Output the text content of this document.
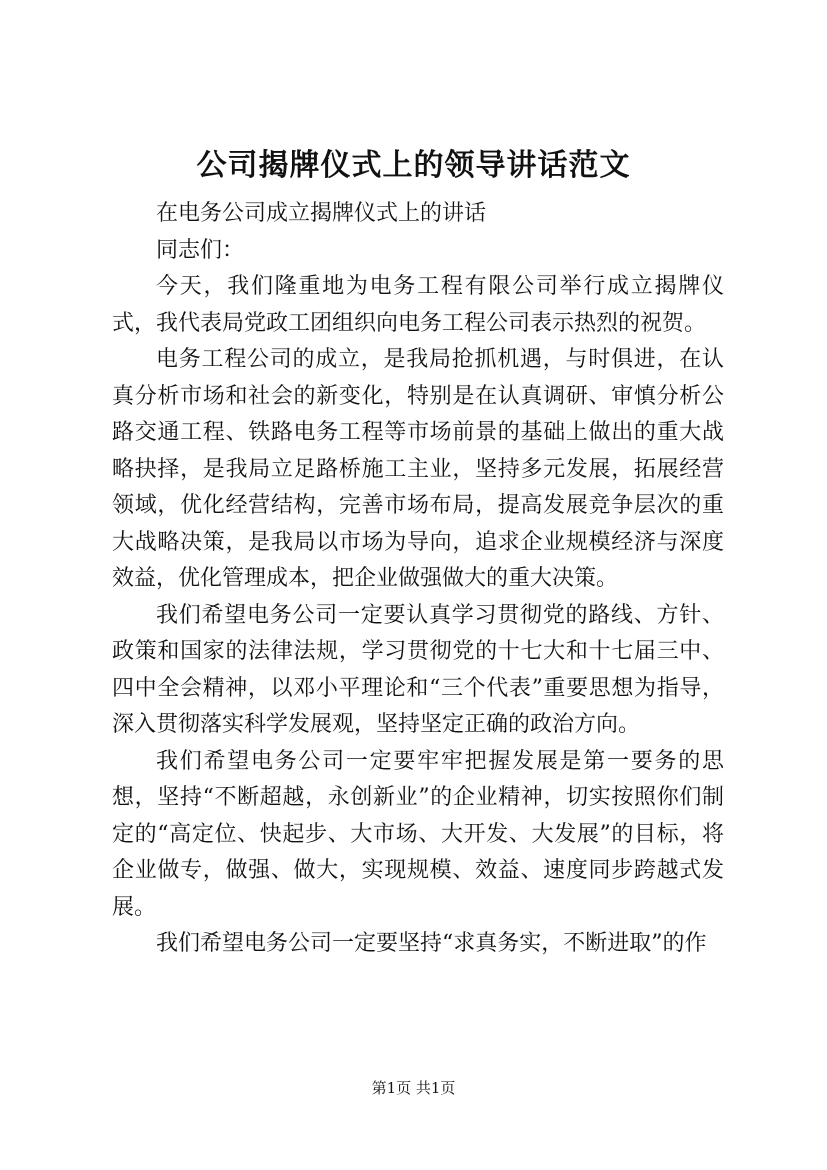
公司揭牌仪式上的领导讲话范文

在电务公司成立揭牌仪式上的讲话

同志们：

今天，我们隆重地为电务工程有限公司举行成立揭牌仪式，我代表局党政工团组织向电务工程公司表示热烈的祝贺。

电务工程公司的成立，是我局抢抓机遇，与时俱进，在认真分析市场和社会的新变化，特别是在认真调研、审慎分析公路交通工程、铁路电务工程等市场前景的基础上做出的重大战略抉择，是我局立足路桥施工主业，坚持多元发展，拓展经营领域，优化经营结构，完善市场布局，提高发展竞争层次的重大战略决策，是我局以市场为导向，追求企业规模经济与深度效益，优化管理成本，把企业做强做大的重大决策。

我们希望电务公司一定要认真学习贯彻党的路线、方针、政策和国家的法律法规，学习贯彻党的十七大和十七届三中、四中全会精神，以邓小平理论和“三个代表”重要思想为指导，深入贯彻落实科学发展观，坚持坚定正确的政治方向。

我们希望电务公司一定要牢牢把握发展是第一要务的思想，坚持“不断超越，永创新业”的企业精神，切实按照你们制定的“高定位、快起步、大市场、大开发、大发展”的目标，将企业做专，做强、做大，实现规模、效益、速度同步跨越式发展。

我们希望电务公司一定要坚持“求真务实，不断进取”的作

第1页 共1页
